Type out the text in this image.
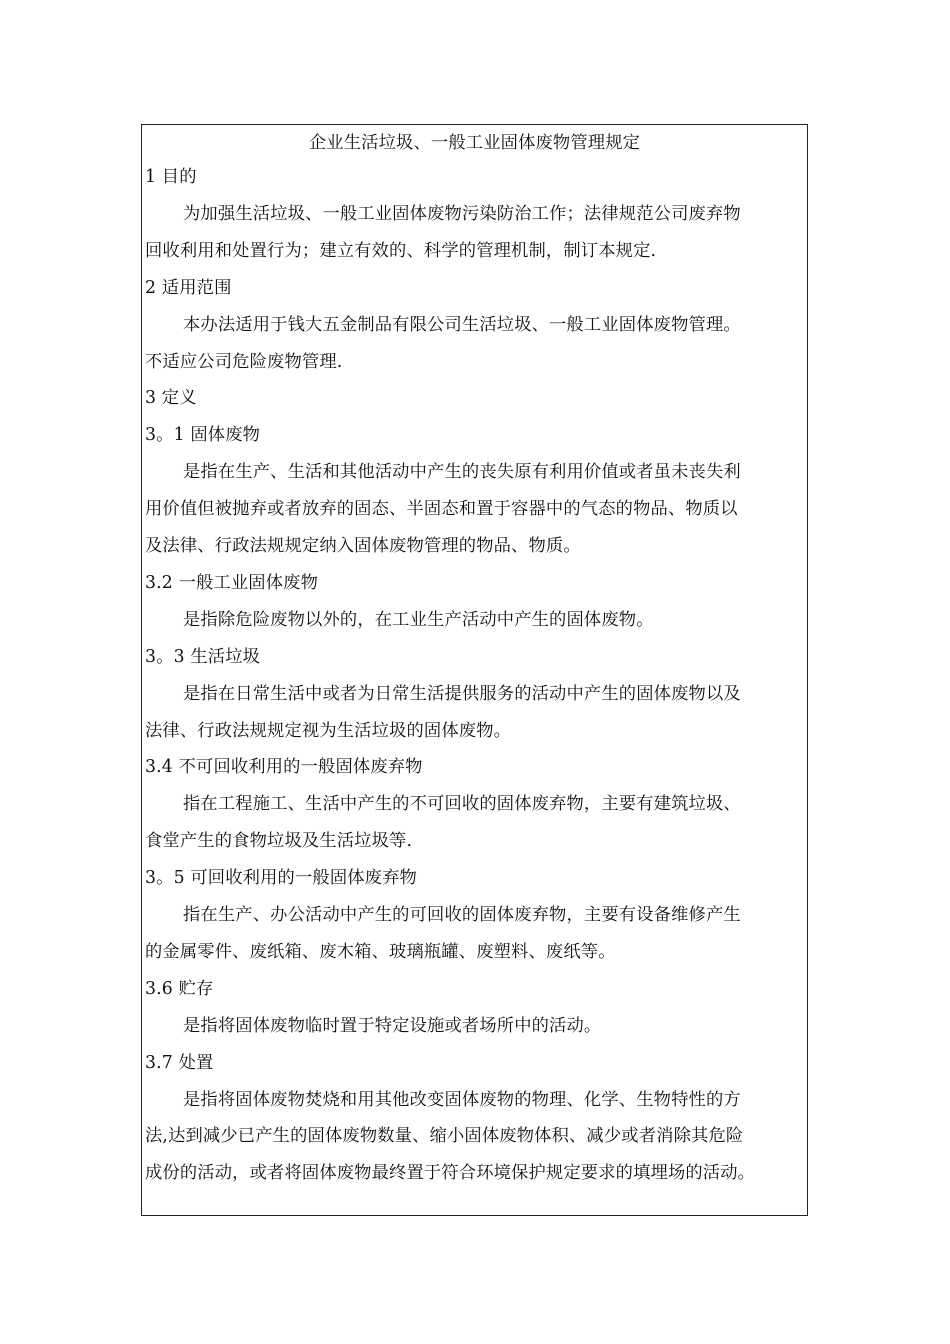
企业生活垃圾、一般工业固体废物管理规定
1 目的
为加强生活垃圾、一般工业固体废物污染防治工作；法律规范公司废弃物
回收利用和处置行为；建立有效的、科学的管理机制，制订本规定.
2 适用范围
本办法适用于钱大五金制品有限公司生活垃圾、一般工业固体废物管理。
不适应公司危险废物管理.
3 定义
3。1 固体废物
是指在生产、生活和其他活动中产生的丧失原有利用价值或者虽未丧失利
用价值但被抛弃或者放弃的固态、半固态和置于容器中的气态的物品、物质以
及法律、行政法规规定纳入固体废物管理的物品、物质。
3.2 一般工业固体废物
是指除危险废物以外的，在工业生产活动中产生的固体废物。
3。3 生活垃圾
是指在日常生活中或者为日常生活提供服务的活动中产生的固体废物以及
法律、行政法规规定视为生活垃圾的固体废物。
3.4 不可回收利用的一般固体废弃物
指在工程施工、生活中产生的不可回收的固体废弃物，主要有建筑垃圾、
食堂产生的食物垃圾及生活垃圾等.
3。5 可回收利用的一般固体废弃物
指在生产、办公活动中产生的可回收的固体废弃物，主要有设备维修产生
的金属零件、废纸箱、废木箱、玻璃瓶罐、废塑料、废纸等。
3.6 贮存
是指将固体废物临时置于特定设施或者场所中的活动。
3.7 处置
是指将固体废物焚烧和用其他改变固体废物的物理、化学、生物特性的方
法,达到减少已产生的固体废物数量、缩小固体废物体积、减少或者消除其危险
成份的活动，或者将固体废物最终置于符合环境保护规定要求的填埋场的活动。
